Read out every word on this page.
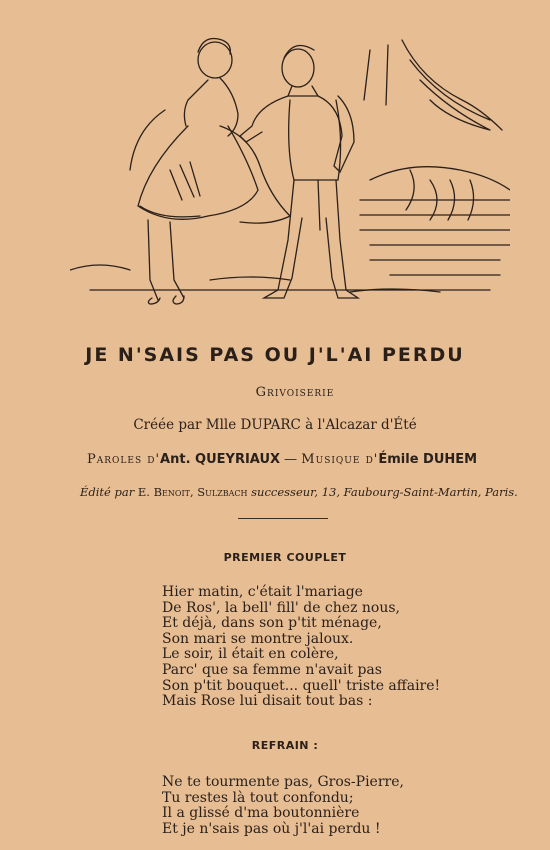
JE N'SAIS PAS OU J'L'AI PERDU
Grivoiserie
Créée par Mlle DUPARC à l'Alcazar d'Été
Paroles d'Ant. QUEYRIAUX — Musique d'Émile DUHEM
Édité par E. Benoit, Sulzbach successeur, 13, Faubourg-Saint-Martin, Paris.
PREMIER COUPLET
Hier matin, c'était l'mariage
De Ros', la bell' fill' de chez nous,
Et déjà, dans son p'tit ménage,
Son mari se montre jaloux.
Le soir, il était en colère,
Parc' que sa femme n'avait pas
Son p'tit bouquet... quell' triste affaire!
Mais Rose lui disait tout bas :
REFRAIN :
Ne te tourmente pas, Gros-Pierre,
Tu restes là tout confondu;
Il a glissé d'ma boutonnière
Et je n'sais pas où j'l'ai perdu !
